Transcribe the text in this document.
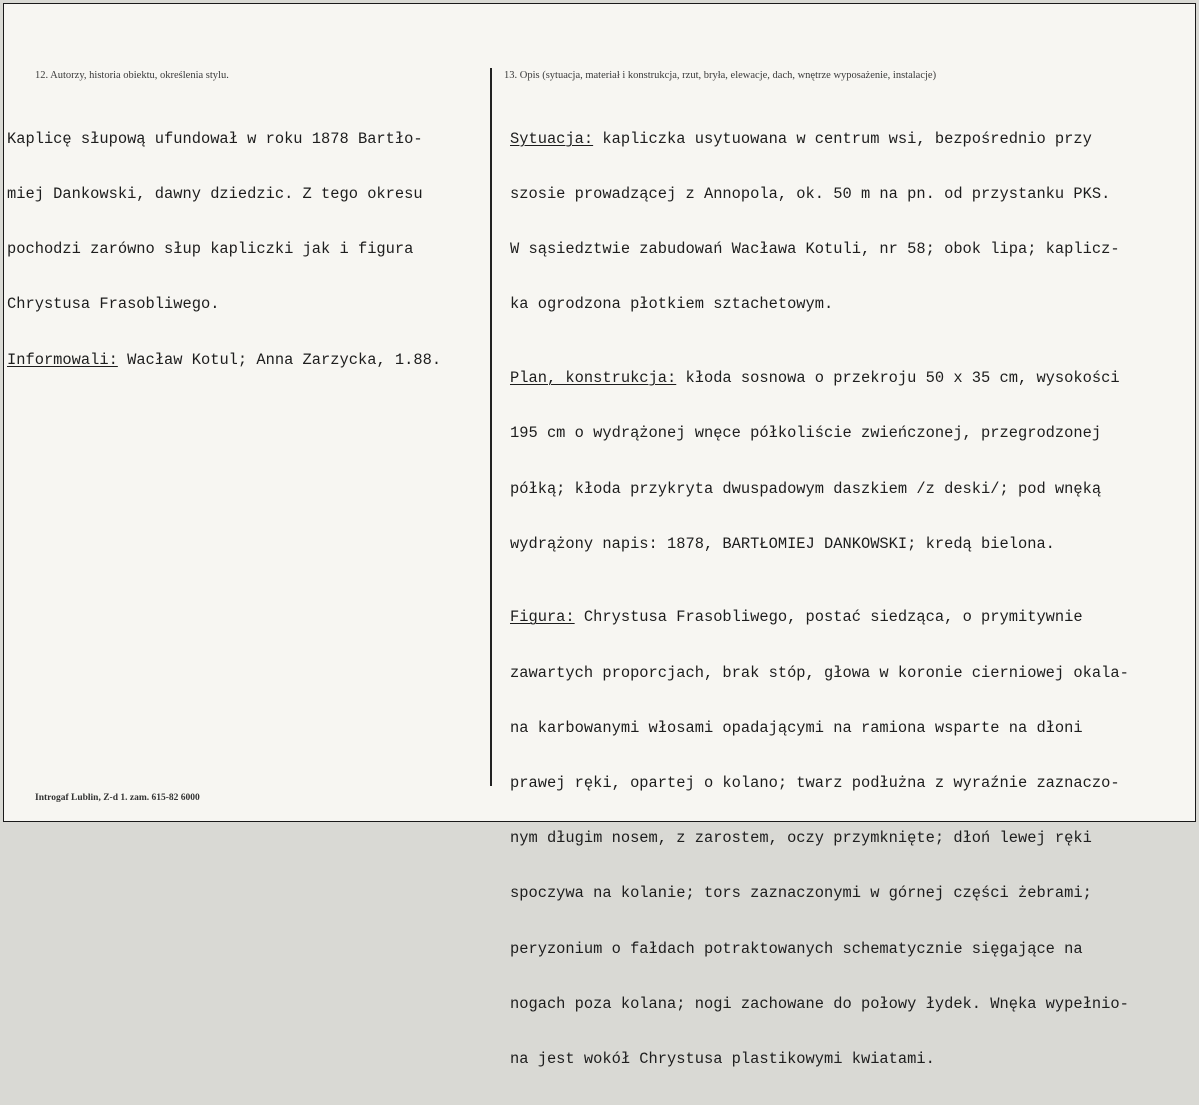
12. Autorzy, historia obiektu, określenia stylu.	13. Opis (sytuacja, materiał i konstrukcja, rzut, bryła, elewacje, dach, wnętrze wyposażenie, instalacje)

Kaplicę słupową ufundował w roku 1878 Bartło-

miej Dankowski, dawny dziedzic. Z tego okresu

pochodzi zarówno słup kapliczki jak i figura

Chrystusa Frasobliwego.

Informowali: Wacław Kotul; Anna Zarzycka, 1.88.

Sytuacja: kapliczka usytuowana w centrum wsi, bezpośrednio przy

szosie prowadzącej z Annopola, ok. 50 m na pn. od przystanku PKS.

W sąsiedztwie zabudowań Wacława Kotuli, nr 58; obok lipa; kaplicz-

ka ogrodzona płotkiem sztachetowym.

Plan, konstrukcja: kłoda sosnowa o przekroju 50 x 35 cm, wysokości

195 cm o wydrążonej wnęce półkoliście zwieńczonej, przegrodzonej

półką; kłoda przykryta dwuspadowym daszkiem /z deski/; pod wnęką

wydrążony napis: 1878, BARTŁOMIEJ DANKOWSKI; kredą bielona.

Figura: Chrystusa Frasobliwego, postać siedząca, o prymitywnie

zawartych proporcjach, brak stóp, głowa w koronie cierniowej okala-

na karbowanymi włosami opadającymi na ramiona wsparte na dłoni

prawej ręki, opartej o kolano; twarz podłużna z wyraźnie zaznaczo-

nym długim nosem, z zarostem, oczy przymknięte; dłoń lewej ręki

spoczywa na kolanie; tors zaznaczonymi w górnej części żebrami;

peryzonium o fałdach potraktowanych schematycznie sięgające na

nogach poza kolana; nogi zachowane do połowy łydek. Wnęka wypełnio-

na jest wokół Chrystusa plastikowymi kwiatami.

Introgaf Lublin, Z-d 1. zam. 615-82 6000
